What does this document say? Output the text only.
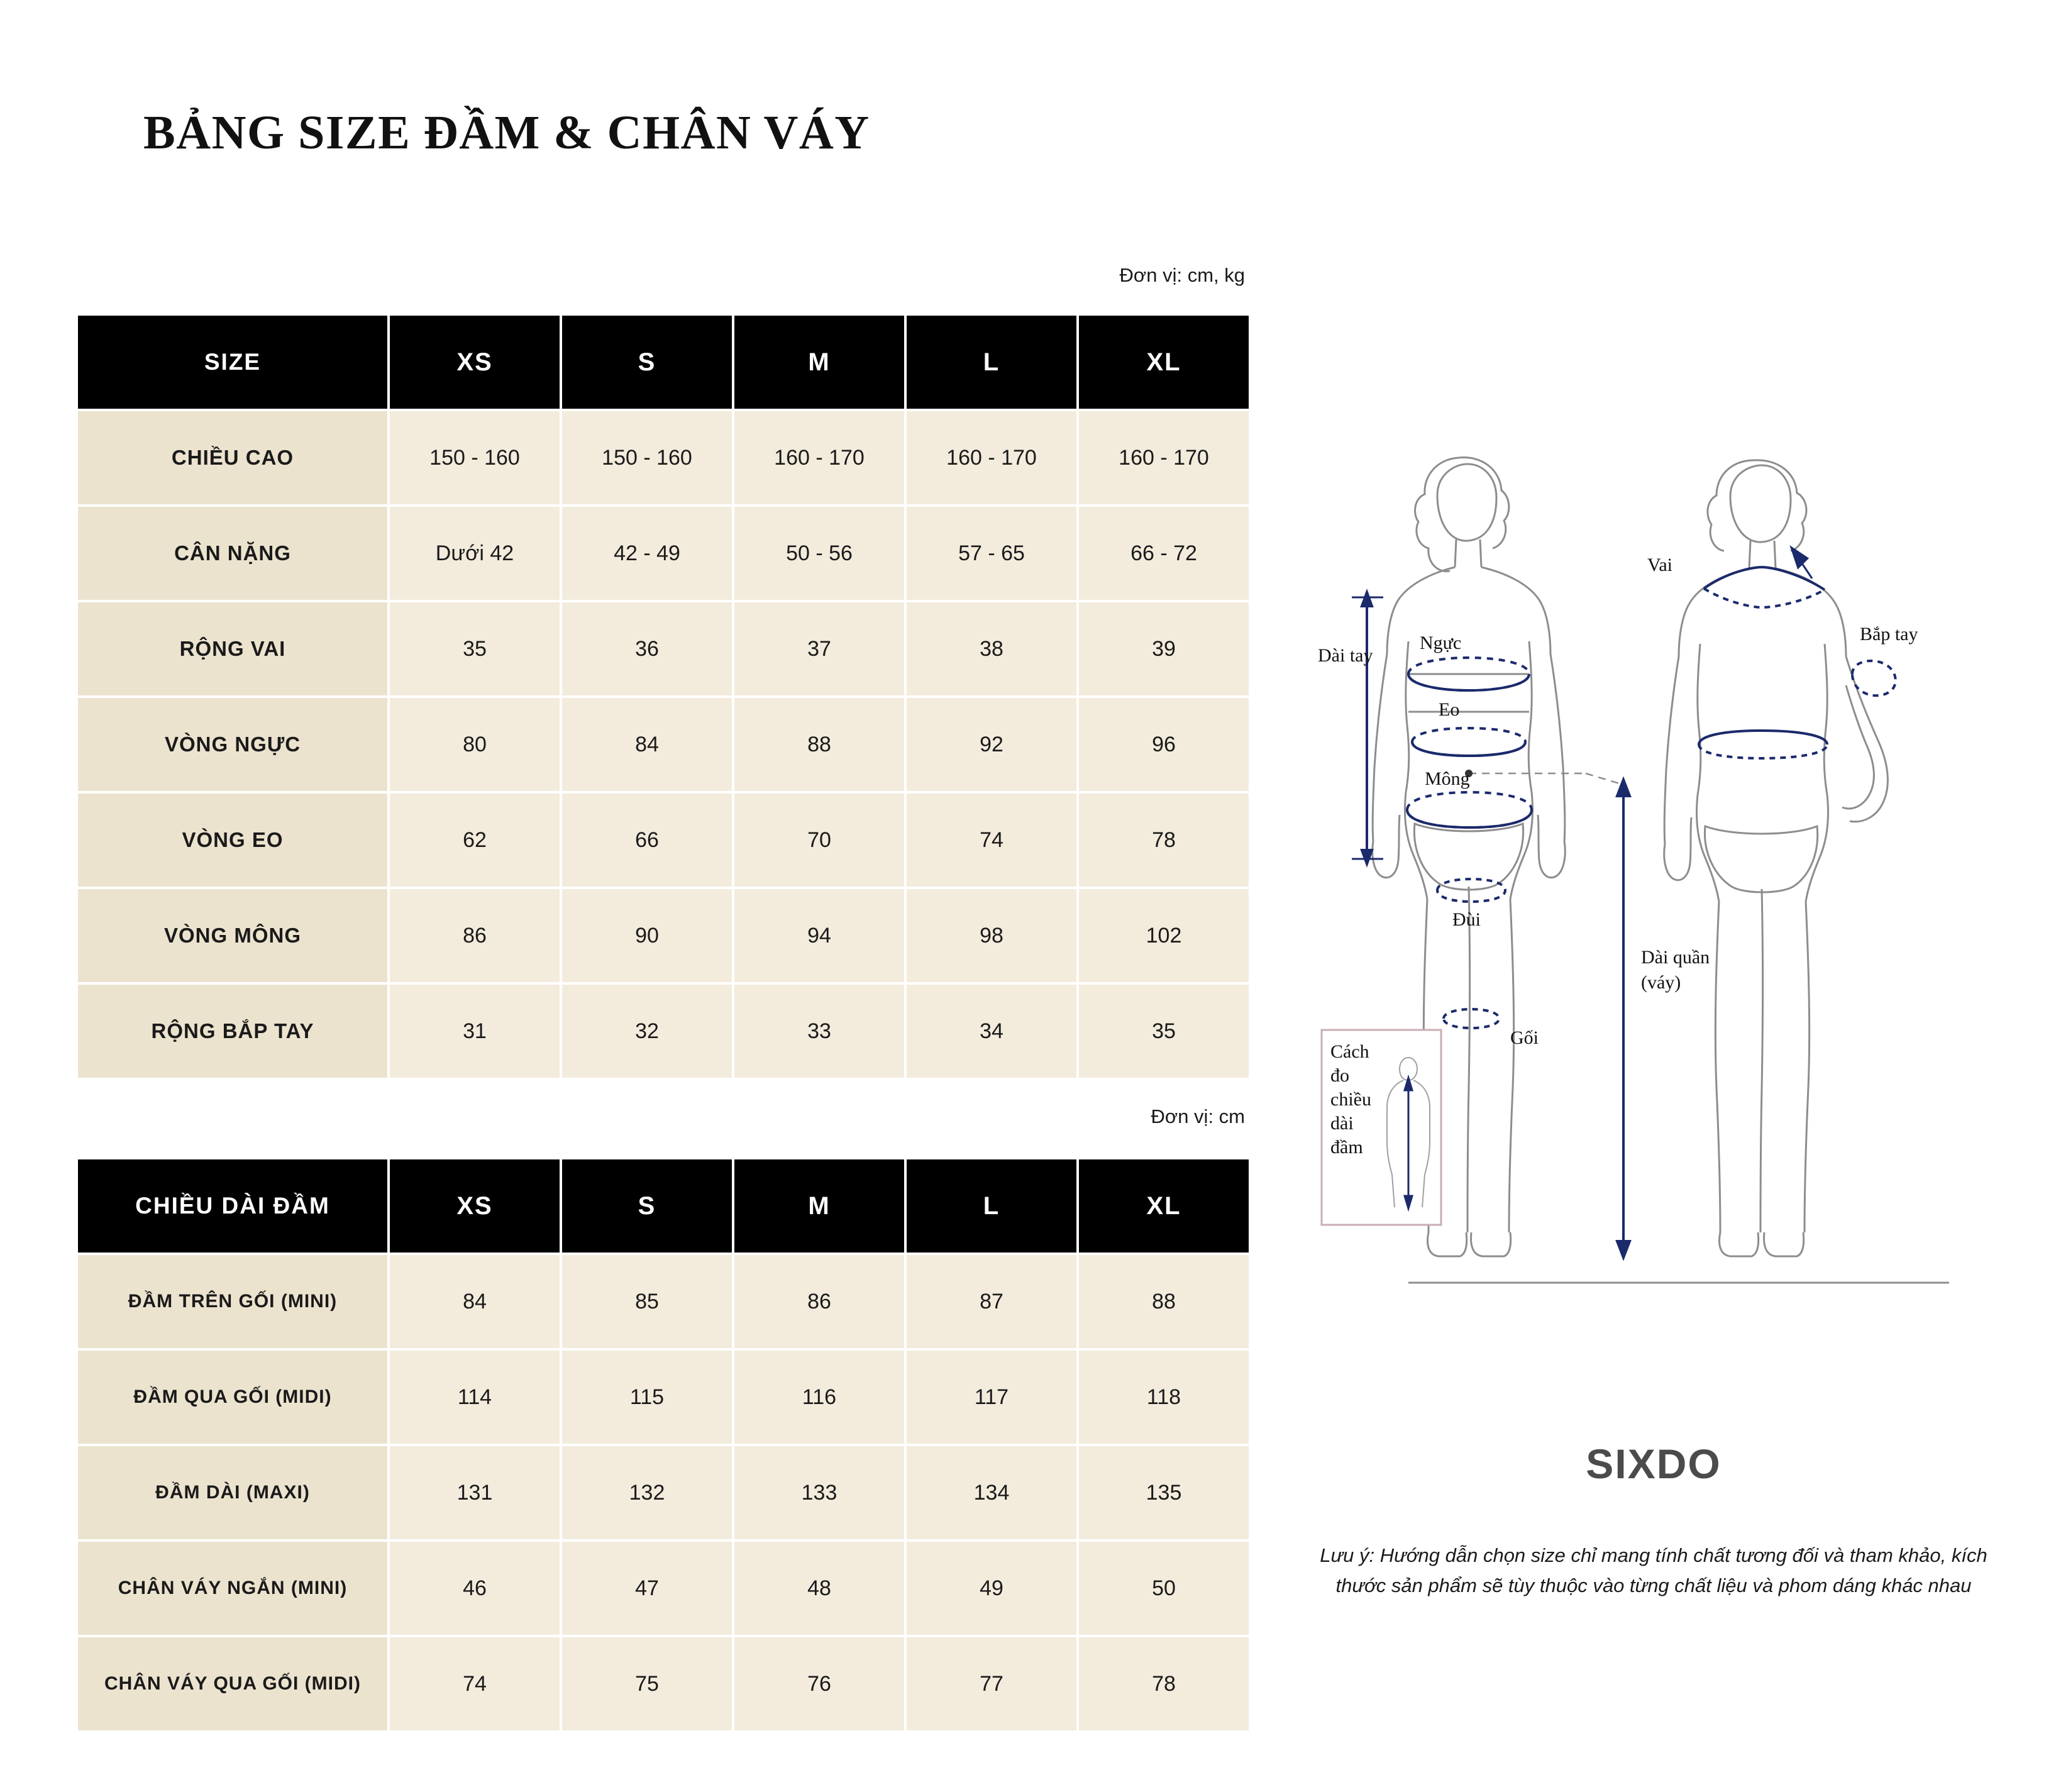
BẢNG SIZE ĐẦM & CHÂN VÁY
Đơn vị: cm, kg
SIZE	XS	S	M	L	XL
CHIỀU CAO	150 - 160	150 - 160	160 - 170	160 - 170	160 - 170
CÂN NẶNG	Dưới 42	42 - 49	50 - 56	57 - 65	66 - 72
RỘNG VAI	35	36	37	38	39
VÒNG NGỰC	80	84	88	92	96
VÒNG EO	62	66	70	74	78
VÒNG MÔNG	86	90	94	98	102
RỘNG BẮP TAY	31	32	33	34	35
Đơn vị: cm
CHIỀU DÀI ĐẦM	XS	S	M	L	XL
ĐẦM TRÊN GỐI (MINI)	84	85	86	87	88
ĐẦM QUA GỐI (MIDI)	114	115	116	117	118
ĐẦM DÀI (MAXI)	131	132	133	134	135
CHÂN VÁY NGẮN (MINI)	46	47	48	49	50
CHÂN VÁY QUA GỐI (MIDI)	74	75	76	77	78
Dài tay
Ngực
Eo
Mông
Đùi
Gối
Vai
Bắp tay
Dài quần
(váy)
Cách
đo
chiều
dài
đầm
SIXDO
Lưu ý: Hướng dẫn chọn size chỉ mang tính chất tương đối và tham khảo, kích thước sản phẩm sẽ tùy thuộc vào từng chất liệu và phom dáng khác nhau
